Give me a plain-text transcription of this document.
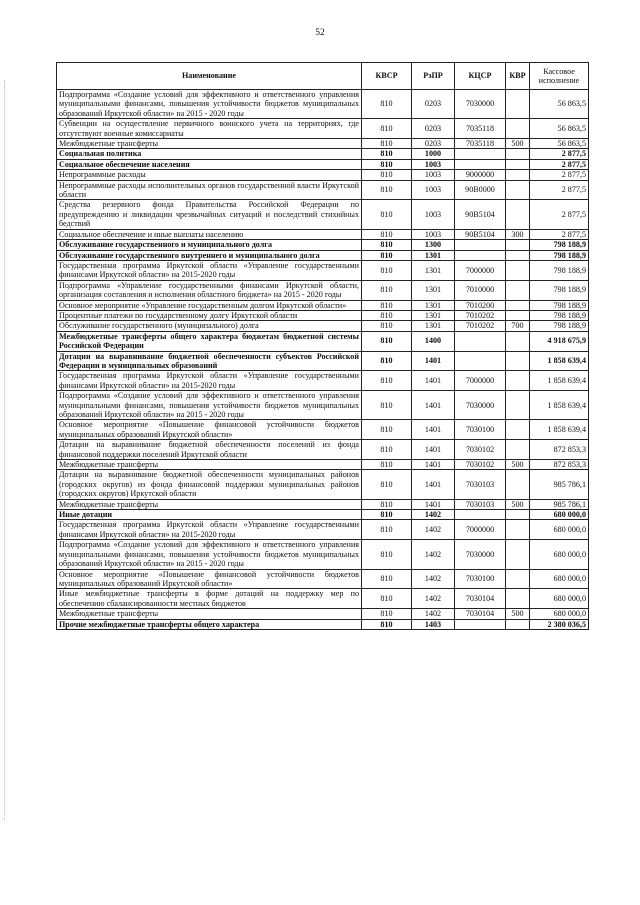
52
Наименование	КВСР	РзПР	КЦСР	КВР	Кассовое исполнение
Подпрограмма «Создание условий для эффективного и ответственного управления муниципальными финансами, повышения устойчивости бюджетов муниципальных образований Иркутской области» на 2015 - 2020 годы	810	0203	7030000		56 863,5
Субвенции на осуществление первичного воинского учета на территориях, где отсутствуют военные комиссариаты	810	0203	7035118		56 863,5
Межбюджетные трансферты	810	0203	7035118	500	56 863,5
Социальная политика	810	1000			2 877,5
Социальное обеспечение населения	810	1003			2 877,5
Непрограммные расходы	810	1003	9000000		2 877,5
Непрограммные расходы исполнительных органов государственной власти Иркутской области	810	1003	90В0000		2 877,5
Средства резервного фонда Правительства Российской Федерации по предупреждению и ликвидации чрезвычайных ситуаций и последствий стихийных бедствий	810	1003	90В5104		2 877,5
Социальное обеспечение и иные выплаты населению	810	1003	90В5104	300	2 877,5
Обслуживание государственного и муниципального долга	810	1300			798 188,9
Обслуживание государственного внутреннего и муниципального долга	810	1301			798 188,9
Государственная программа Иркутской области «Управление государственными финансами Иркутской области» на 2015-2020 годы	810	1301	7000000		798 188,9
Подпрограмма «Управление государственными финансами Иркутской области, организация составления и исполнения областного бюджета» на 2015 - 2020 годы	810	1301	7010000		798 188,9
Основное мероприятие «Управление государственным долгом Иркутской области»	810	1301	7010200		798 188,9
Процентные платежи по государственному долгу Иркутской области	810	1301	7010202		798 188,9
Обслуживание государственного (муниципального) долга	810	1301	7010202	700	798 188,9
Межбюджетные трансферты общего характера бюджетам бюджетной системы Российской Федерации	810	1400			4 918 675,9
Дотации на выравнивание бюджетной обеспеченности субъектов Российской Федерации и муниципальных образований	810	1401			1 858 639,4
Государственная программа Иркутской области «Управление государственными финансами Иркутской области» на 2015-2020 годы	810	1401	7000000		1 858 639,4
Подпрограмма «Создание условий для эффективного и ответственного управления муниципальными финансами, повышения устойчивости бюджетов муниципальных образований Иркутской области» на 2015 - 2020 годы	810	1401	7030000		1 858 639,4
Основное мероприятие «Повышение финансовой устойчивости бюджетов муниципальных образований Иркутской области»	810	1401	7030100		1 858 639,4
Дотации на выравнивание бюджетной обеспеченности поселений из фонда финансовой поддержки поселений Иркутской области	810	1401	7030102		872 853,3
Межбюджетные трансферты	810	1401	7030102	500	872 853,3
Дотации на выравнивание бюджетной обеспеченности муниципальных районов (городских округов) из фонда финансовой поддержки муниципальных районов (городских округов) Иркутской области	810	1401	7030103		985 786,1
Межбюджетные трансферты	810	1401	7030103	500	985 786,1
Иные дотации	810	1402			680 000,0
Государственная программа Иркутской области «Управление государственными финансами Иркутской области» на 2015-2020 годы	810	1402	7000000		680 000,0
Подпрограмма «Создание условий для эффективного и ответственного управления муниципальными финансами, повышения устойчивости бюджетов муниципальных образований Иркутской области» на 2015 - 2020 годы	810	1402	7030000		680 000,0
Основное мероприятие «Повышение финансовой устойчивости бюджетов муниципальных образований Иркутской области»	810	1402	7030100		680 000,0
Иные межбюджетные трансферты в форме дотаций на поддержку мер по обеспечению сбалансированности местных бюджетов	810	1402	7030104		680 000,0
Межбюджетные трансферты	810	1402	7030104	500	680 000,0
Прочие межбюджетные трансферты общего характера	810	1403			2 380 036,5
